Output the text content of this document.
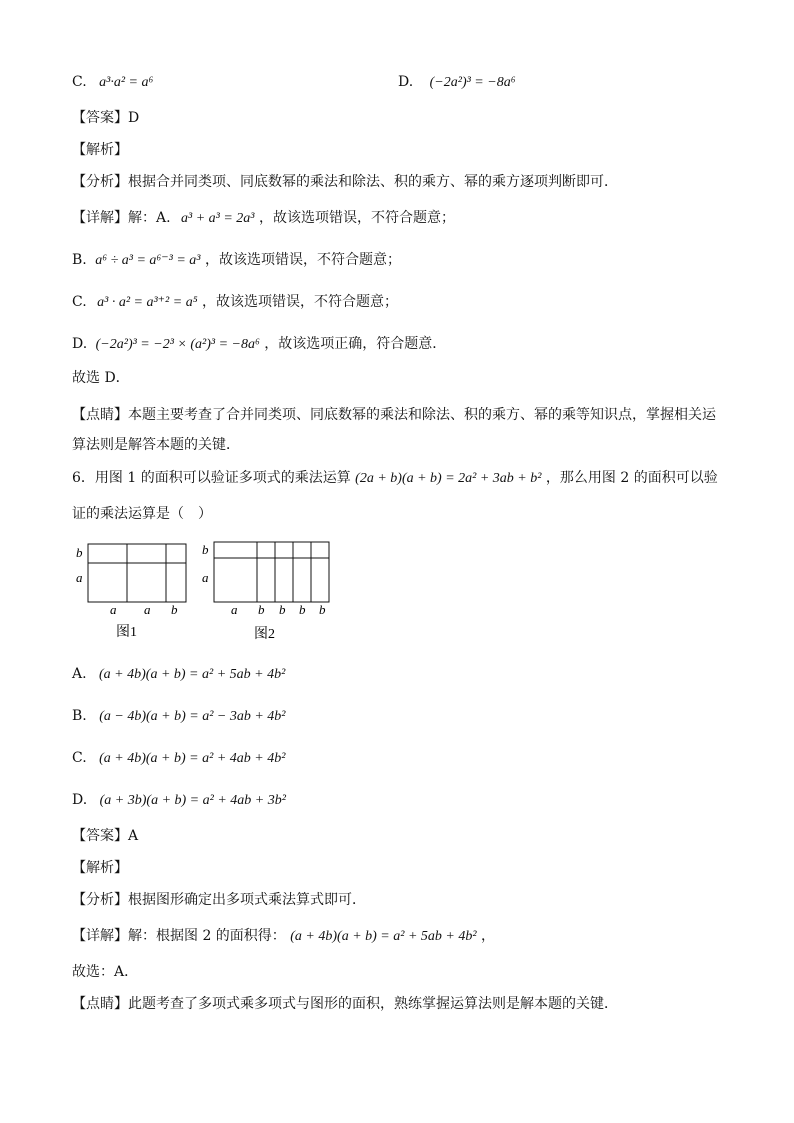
C. a³·a² = a⁶	D. (−2a²)³ = −8a⁶
【答案】D
【解析】
【分析】根据合并同类项、同底数幂的乘法和除法、积的乘方、幂的乘方逐项判断即可．
【详解】解：A. a³ + a³ = 2a³ ，故该选项错误，不符合题意；
B. a⁶ ÷ a³ = a⁶⁻³ = a³ ，故该选项错误，不符合题意；
C. a³ · a² = a³⁺² = a⁵ ，故该选项错误，不符合题意；
D. (−2a²)³ = −2³ × (a²)³ = −8a⁶ ，故该选项正确，符合题意．
故选 D．
【点睛】本题主要考查了合并同类项、同底数幂的乘法和除法、积的乘方、幂的乘等知识点，掌握相关运算法则是解答本题的关键．
6．用图 1 的面积可以验证多项式的乘法运算 (2a + b)(a + b) = 2a² + 3ab + b² ，那么用图 2 的面积可以验
证的乘法运算是（　）
b
a
a a b
图1
b
a
a b b b b
图2
A. (a + 4b)(a + b) = a² + 5ab + 4b²
B. (a − 4b)(a + b) = a² − 3ab + 4b²
C. (a + 4b)(a + b) = a² + 4ab + 4b²
D. (a + 3b)(a + b) = a² + 4ab + 3b²
【答案】A
【解析】
【分析】根据图形确定出多项式乘法算式即可．
【详解】解：根据图 2 的面积得： (a + 4b)(a + b) = a² + 5ab + 4b² ，
故选：A．
【点睛】此题考查了多项式乘多项式与图形的面积，熟练掌握运算法则是解本题的关键．
